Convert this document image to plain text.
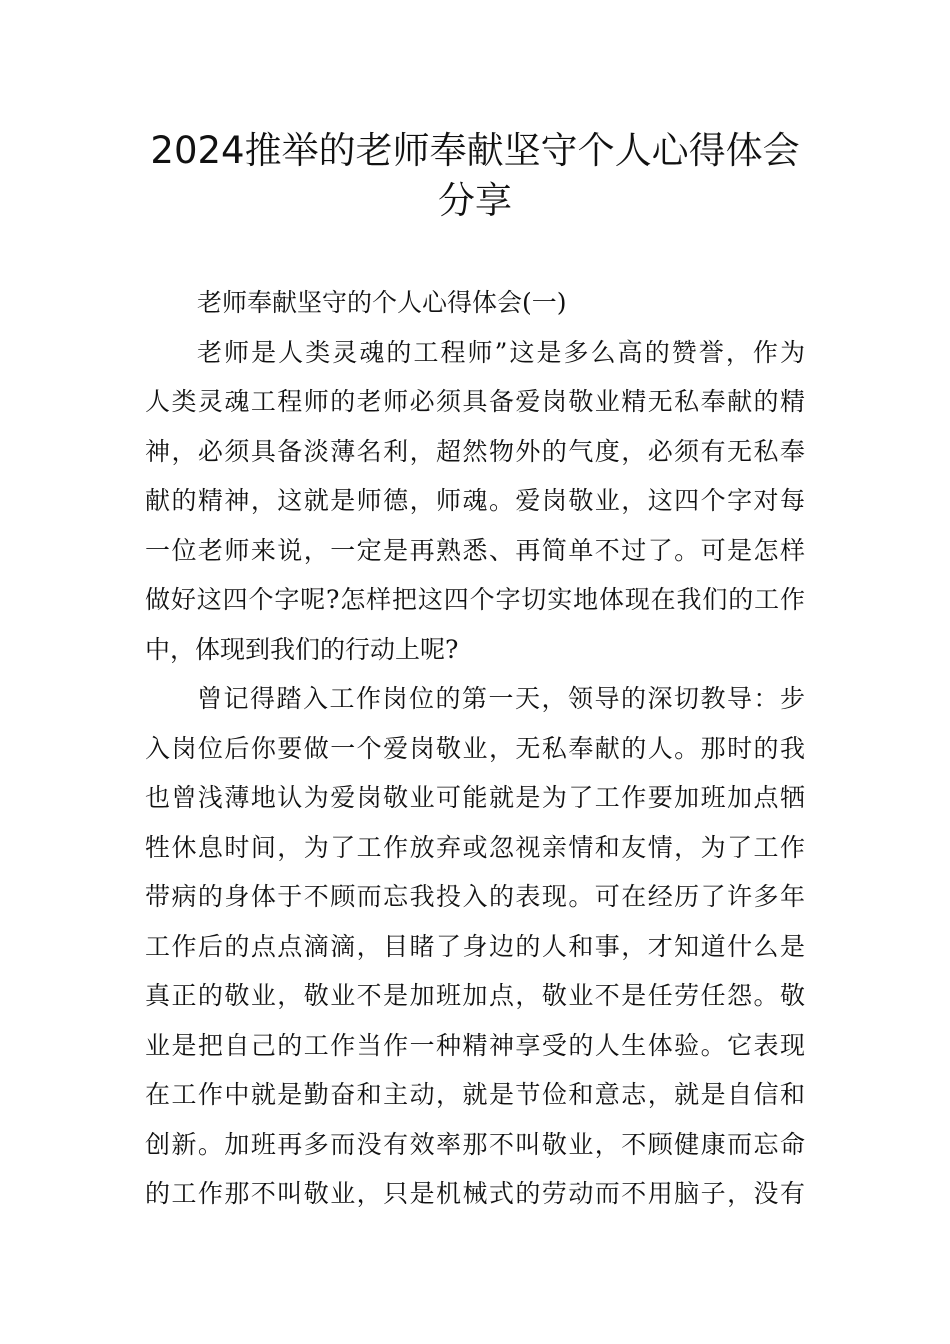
2024推举的老师奉献坚守个人心得体会
分享
老师奉献坚守的个人心得体会(一)
老师是人类灵魂的工程师”这是多么高的赞誉，作为
人类灵魂工程师的老师必须具备爱岗敬业精无私奉献的精
神，必须具备淡薄名利，超然物外的气度，必须有无私奉
献的精神，这就是师德，师魂。爱岗敬业，这四个字对每
一位老师来说，一定是再熟悉、再简单不过了。可是怎样
做好这四个字呢?怎样把这四个字切实地体现在我们的工作
中，体现到我们的行动上呢?
曾记得踏入工作岗位的第一天，领导的深切教导：步
入岗位后你要做一个爱岗敬业，无私奉献的人。那时的我
也曾浅薄地认为爱岗敬业可能就是为了工作要加班加点牺
牲休息时间，为了工作放弃或忽视亲情和友情，为了工作
带病的身体于不顾而忘我投入的表现。可在经历了许多年
工作后的点点滴滴，目睹了身边的人和事，才知道什么是
真正的敬业，敬业不是加班加点，敬业不是任劳任怨。敬
业是把自己的工作当作一种精神享受的人生体验。它表现
在工作中就是勤奋和主动，就是节俭和意志，就是自信和
创新。加班再多而没有效率那不叫敬业，不顾健康而忘命
的工作那不叫敬业，只是机械式的劳动而不用脑子，没有
